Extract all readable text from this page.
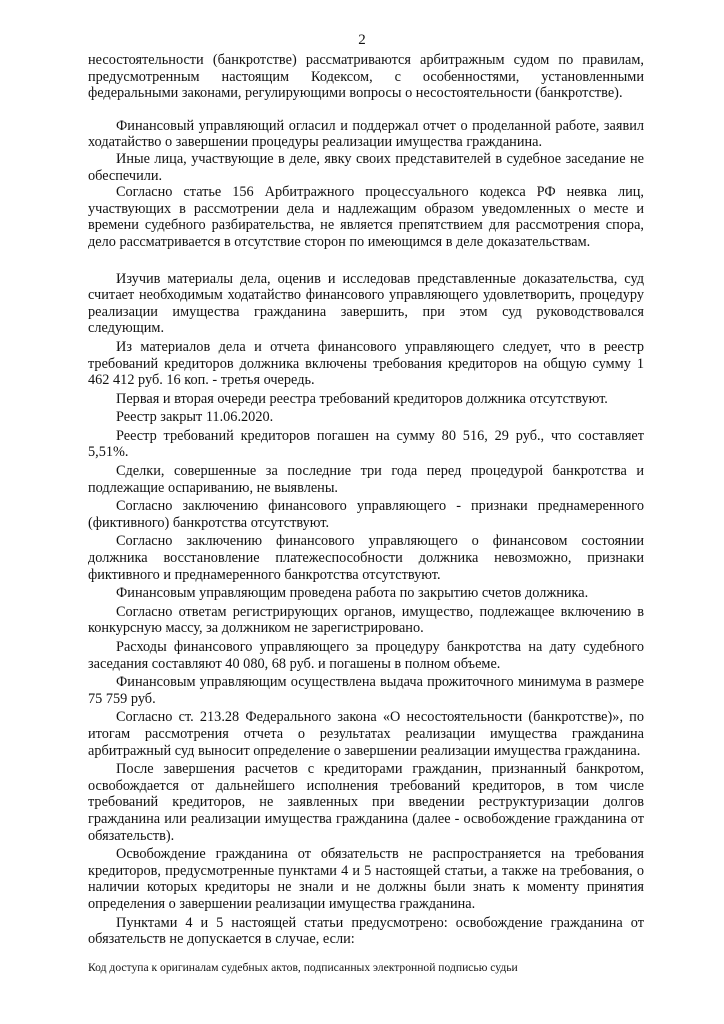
2

несостоятельности (банкротстве) рассматриваются арбитражным судом по правилам, предусмотренным настоящим Кодексом, с особенностями, установленными федеральными законами, регулирующими вопросы о несостоятельности (банкротстве).

Финансовый управляющий огласил и поддержал отчет о проделанной работе, заявил ходатайство о завершении процедуры реализации имущества гражданина.

Иные лица, участвующие в деле, явку своих представителей в судебное заседание не обеспечили.

Согласно статье 156 Арбитражного процессуального кодекса РФ неявка лиц, участвующих в рассмотрении дела и надлежащим образом уведомленных о месте и времени судебного разбирательства, не является препятствием для рассмотрения спора, дело рассматривается в отсутствие сторон по имеющимся в деле доказательствам.

Изучив материалы дела, оценив и исследовав представленные доказательства, суд считает необходимым ходатайство финансового управляющего удовлетворить, процедуру реализации имущества гражданина завершить, при этом суд руководствовался следующим.

Из материалов дела и отчета финансового управляющего следует, что в реестр требований кредиторов должника включены требования кредиторов на общую сумму 1 462 412 руб. 16 коп. - третья очередь.

Первая и вторая очереди реестра требований кредиторов должника отсутствуют.

Реестр закрыт 11.06.2020.

Реестр требований кредиторов погашен на сумму 80 516, 29 руб., что составляет 5,51%.

Сделки, совершенные за последние три года перед процедурой банкротства и подлежащие оспариванию, не выявлены.

Согласно заключению финансового управляющего - признаки преднамеренного (фиктивного) банкротства отсутствуют.

Согласно заключению финансового управляющего о финансовом состоянии должника восстановление платежеспособности должника невозможно, признаки фиктивного и преднамеренного банкротства отсутствуют.

Финансовым управляющим проведена работа по закрытию счетов должника.

Согласно ответам регистрирующих органов, имущество, подлежащее включению в конкурсную массу, за должником не зарегистрировано.

Расходы финансового управляющего за процедуру банкротства на дату судебного заседания составляют 40 080, 68 руб. и погашены в полном объеме.

Финансовым управляющим осуществлена выдача прожиточного минимума в размере 75 759 руб.

Согласно ст. 213.28 Федерального закона «О несостоятельности (банкротстве)», по итогам рассмотрения отчета о результатах реализации имущества гражданина арбитражный суд выносит определение о завершении реализации имущества гражданина.

После завершения расчетов с кредиторами гражданин, признанный банкротом, освобождается от дальнейшего исполнения требований кредиторов, в том числе требований кредиторов, не заявленных при введении реструктуризации долгов гражданина или реализации имущества гражданина (далее - освобождение гражданина от обязательств).

Освобождение гражданина от обязательств не распространяется на требования кредиторов, предусмотренные пунктами 4 и 5 настоящей статьи, а также на требования, о наличии которых кредиторы не знали и не должны были знать к моменту принятия определения о завершении реализации имущества гражданина.

Пунктами 4 и 5 настоящей статьи предусмотрено: освобождение гражданина от обязательств не допускается в случае, если:

Код доступа к оригиналам судебных актов, подписанных электронной подписью судьи
